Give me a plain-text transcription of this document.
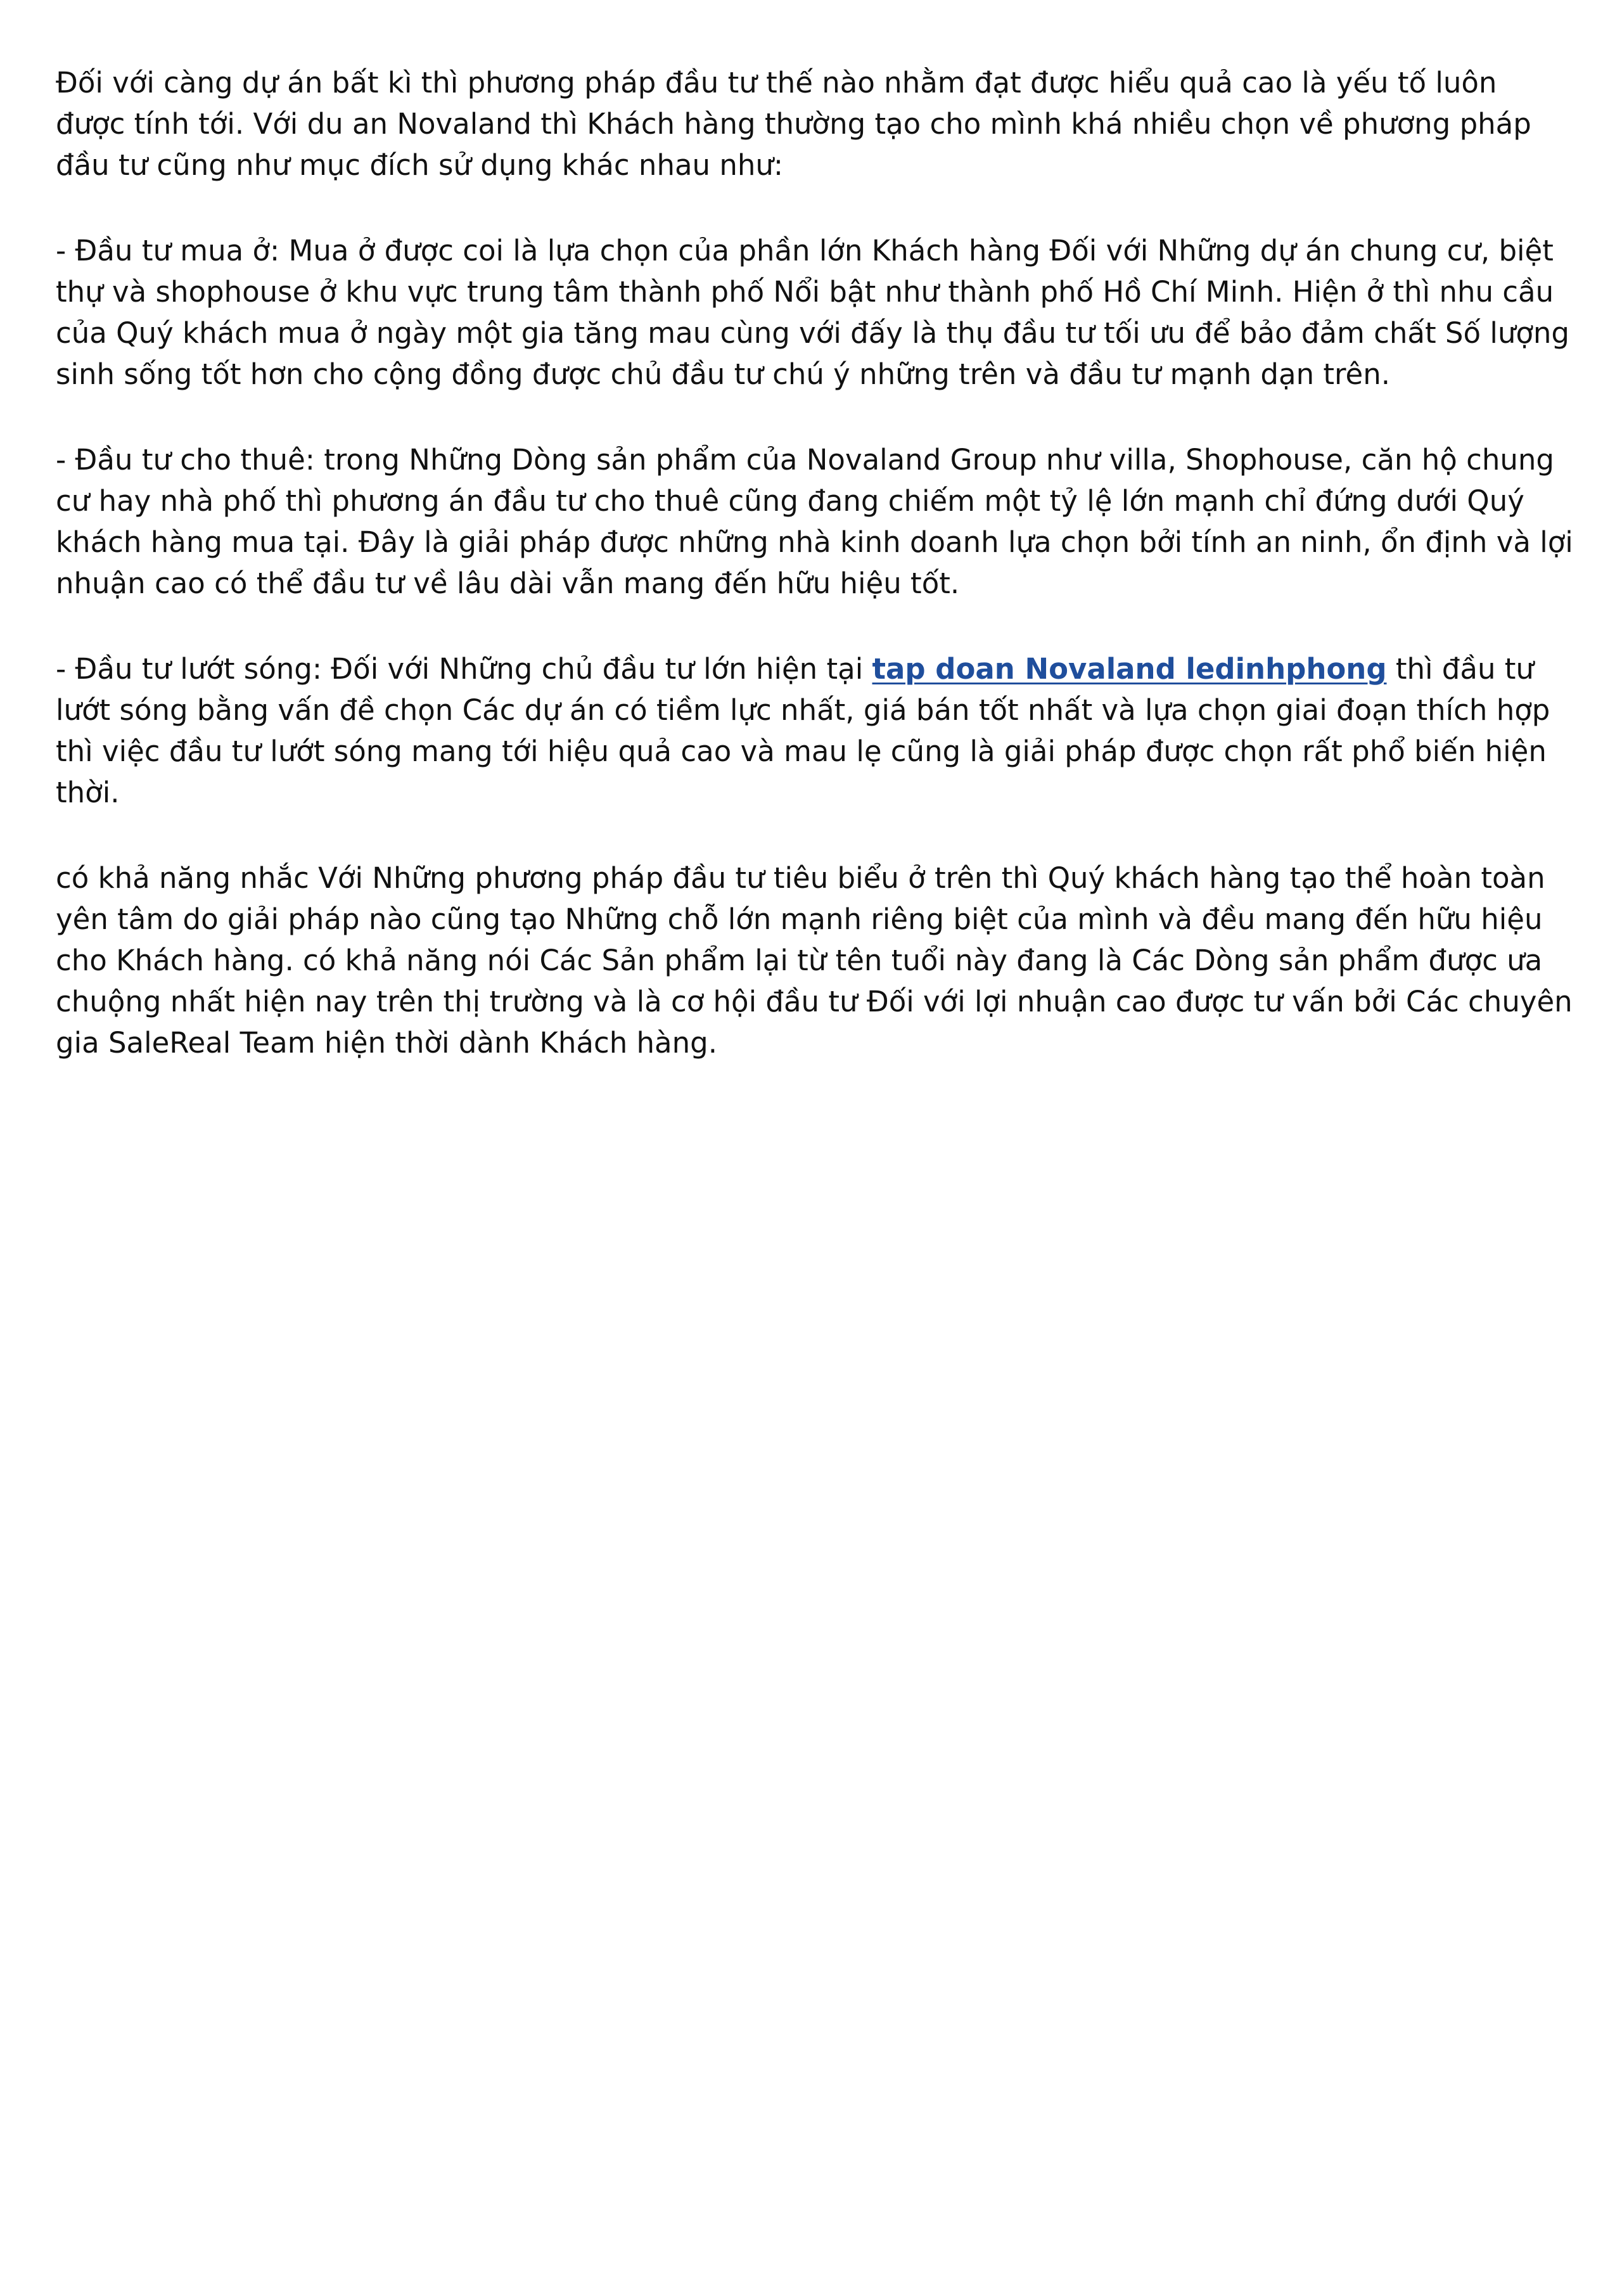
Đối với càng dự án bất kì thì phương pháp đầu tư thế nào nhằm đạt được hiểu quả cao là yếu tố luôn được tính tới. Với du an Novaland thì Khách hàng thường tạo cho mình khá nhiều chọn về phương pháp đầu tư cũng như mục đích sử dụng khác nhau như:

- Đầu tư mua ở: Mua ở được coi là lựa chọn của phần lớn Khách hàng Đối với Những dự án chung cư, biệt thự và shophouse ở khu vực trung tâm thành phố Nổi bật như thành phố Hồ Chí Minh. Hiện ở thì nhu cầu của Quý khách mua ở ngày một gia tăng mau cùng với đấy là thụ đầu tư tối ưu để bảo đảm chất Số lượng sinh sống tốt hơn cho cộng đồng được chủ đầu tư chú ý những trên và đầu tư mạnh dạn trên.

- Đầu tư cho thuê: trong Những Dòng sản phẩm của Novaland Group như villa, Shophouse, căn hộ chung cư hay nhà phố thì phương án đầu tư cho thuê cũng đang chiếm một tỷ lệ lớn mạnh chỉ đứng dưới Quý khách hàng mua tại. Đây là giải pháp được những nhà kinh doanh lựa chọn bởi tính an ninh, ổn định và lợi nhuận cao có thể đầu tư về lâu dài vẫn mang đến hữu hiệu tốt.

- Đầu tư lướt sóng: Đối với Những chủ đầu tư lớn hiện tại tap doan Novaland ledinhphong thì đầu tư lướt sóng bằng vấn đề chọn Các dự án có tiềm lực nhất, giá bán tốt nhất và lựa chọn giai đoạn thích hợp thì việc đầu tư lướt sóng mang tới hiệu quả cao và mau lẹ cũng là giải pháp được chọn rất phổ biến hiện thời.

có khả năng nhắc Với Những phương pháp đầu tư tiêu biểu ở trên thì Quý khách hàng tạo thể hoàn toàn yên tâm do giải pháp nào cũng tạo Những chỗ lớn mạnh riêng biệt của mình và đều mang đến hữu hiệu cho Khách hàng. có khả năng nói Các Sản phẩm lại từ tên tuổi này đang là Các Dòng sản phẩm được ưa chuộng nhất hiện nay trên thị trường và là cơ hội đầu tư Đối với lợi nhuận cao được tư vấn bởi Các chuyên gia SaleReal Team hiện thời dành Khách hàng.
